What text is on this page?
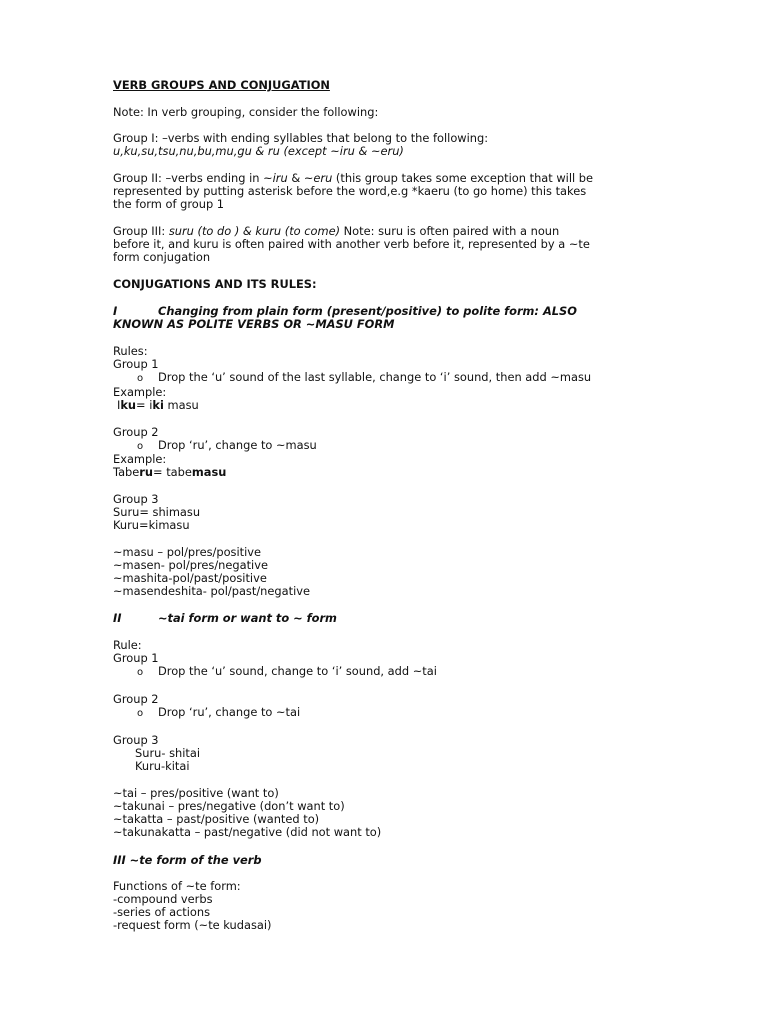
VERB GROUPS AND CONJUGATION
Note: In verb grouping, consider the following:
Group I: –verbs with ending syllables that belong to the following:
u,ku,su,tsu,nu,bu,mu,gu & ru (except ~iru & ~eru)
Group II: –verbs ending in ~iru & ~eru (this group takes some exception that will be
represented by putting asterisk before the word,e.g *kaeru (to go home) this takes
the form of group 1
Group III: suru (to do ) & kuru (to come) Note: suru is often paired with a noun
before it, and kuru is often paired with another verb before it, represented by a ~te
form conjugation
CONJUGATIONS AND ITS RULES:
I	Changing from plain form (present/positive) to polite form: ALSO
KNOWN AS POLITE VERBS OR ~MASU FORM
Rules:
Group 1
o Drop the ‘u’ sound of the last syllable, change to ‘i’ sound, then add ~masu
Example:
Iku= iki masu
Group 2
o Drop ‘ru’, change to ~masu
Example:
Taberu= tabemasu
Group 3
Suru= shimasu
Kuru=kimasu
~masu – pol/pres/positive
~masen- pol/pres/negative
~mashita-pol/past/positive
~masendeshita- pol/past/negative
II	~tai form or want to ~ form
Rule:
Group 1
o Drop the ‘u’ sound, change to ‘i’ sound, add ~tai
Group 2
o Drop ‘ru’, change to ~tai
Group 3
Suru- shitai
Kuru-kitai
~tai – pres/positive (want to)
~takunai – pres/negative (don’t want to)
~takatta – past/positive (wanted to)
~takunakatta – past/negative (did not want to)
III ~te form of the verb
Functions of ~te form:
-compound verbs
-series of actions
-request form (~te kudasai)
